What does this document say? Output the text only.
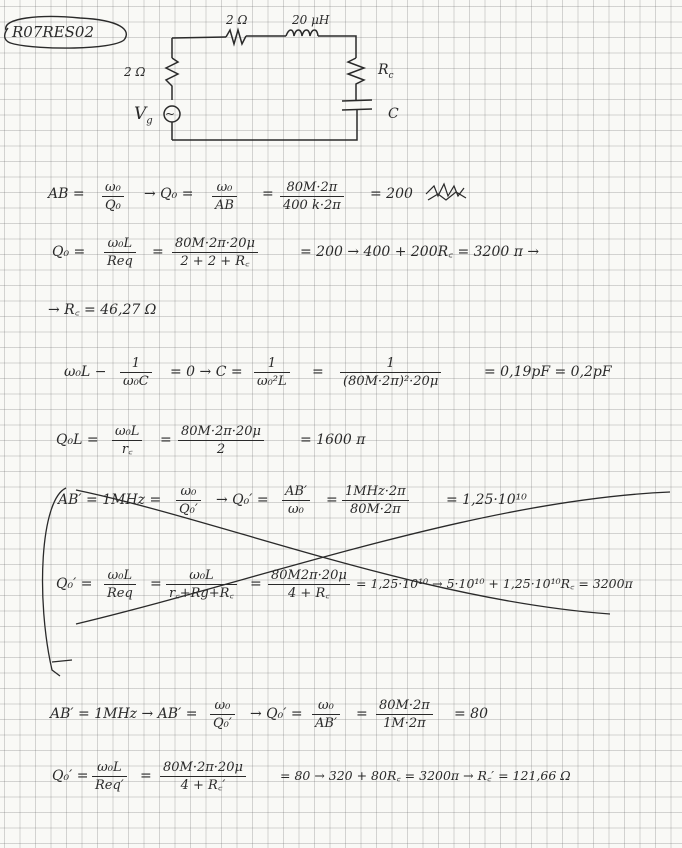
R07RES02
2 Ω	20 μH
2 Ω	$R_c$
C
$V_g$ ~
AB = $\frac{\text{ω₀}}{\text{Q₀}} \to Q_0 = \frac{\text{ω₀}}{AB} = \frac{80M\cdot 2\pi}{400 k\cdot 2\pi} = 200$
Q₀ =
ω₀L
Req
= $\frac{80M\cdot 2\pi\cdot 20\mu}{2 + 2 + R꜀}$	= 200 → 400 + 200R꜀ = 3200 π →
→ R꜀ = 46,27 Ω
$\omega_0L - \frac{1}{\text{ω₀C}} = 0 \to C = \frac{1}{\text{ω₀²L}} = \frac{1}{\text{(80M·2π)²·20μ}}$	= 0,19pF = 0,2pF
$Q_0L = \frac{\text{ω₀L}}{r꜀} = \frac{80M\cdot 2\pi\cdot 20\mu}{2}$	= 1600 π
$AB' = 1MHz = \frac{\text{ω₀}}{\text{Q₀′}} \to Q_0' = \frac{AB'}{\text{ω₀}}$ =
1MHz·2π
80M·2π
= 1,25·10¹⁰
Q₀′ =
ω₀L
Req
= $\frac{\text{ω₀L}}{r꜀+Rg+R꜀} = \frac{80M2\pi\cdot 20\mu}{4 + R꜀} = 1,25\cdot 10^{10} \to 5\cdot 10^{10}$ + 1,25·10¹⁰R꜀ = 3200π
$AB' = 1MHz \to AB' = \frac{\text{ω₀}}{\text{Q₀′}} \to Q_0' = \frac{\text{ω₀}}{AB'} = \frac{80M\cdot 2\pi}{1M\cdot 2\pi} = 80$
Q₀′ =
ω₀L
Req′
= $\frac{80M\cdot 2\pi\cdot 20\mu}{4 + R꜀'}$	= 80 → 320 + 80R꜀ = 3200π → R꜀′ = 121,66 Ω
